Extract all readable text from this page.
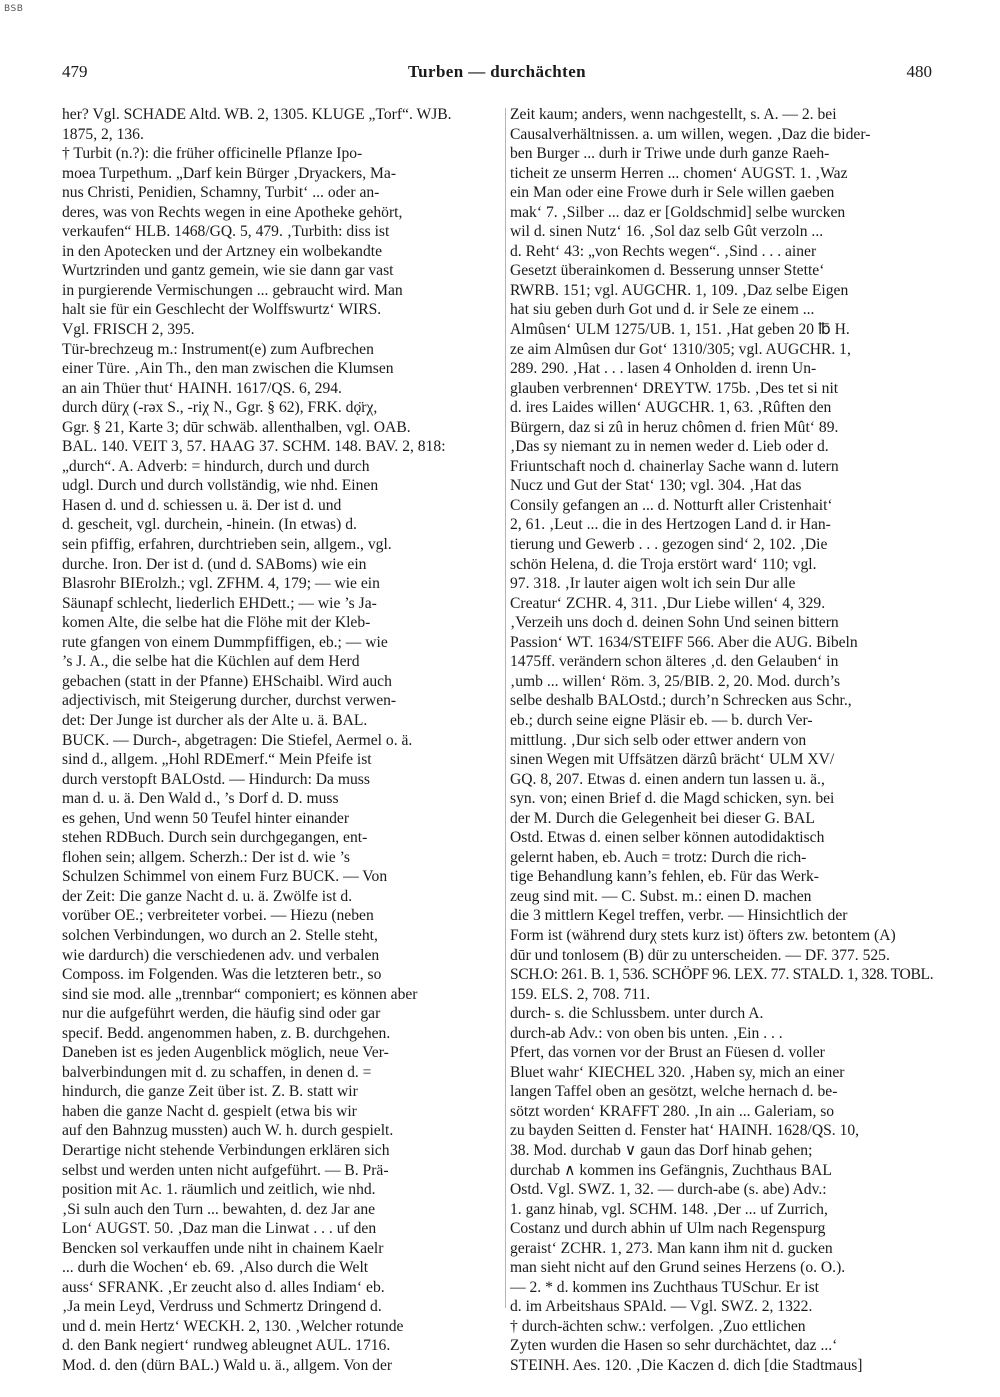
BSB
479	Turben — durchächten	480
her? Vgl. SCHADE Altd. WB. 2, 1305. KLUGE „Torf“. WJB.
1875, 2, 136.
† Turbit (n.?): die früher officinelle Pflanze Ipo-
moea Turpethum. „Darf kein Bürger ‚Dryackers, Ma-
nus Christi, Penidien, Schamny, Turbit‘ ... oder an-
deres, was von Rechts wegen in eine Apotheke gehört,
verkaufen“ HLB. 1468/GQ. 5, 479. ‚Turbith: diss ist
in den Apotecken und der Artzney ein wolbekandte
Wurtzrinden und gantz gemein, wie sie dann gar vast
in purgierende Vermischungen ... gebraucht wird. Man
halt sie für ein Geschlecht der Wolffswurtz‘ WIRS.
Vgl. FRISCH 2, 395.
Tür-brechzeug m.: Instrument(e) zum Aufbrechen
einer Türe. ‚Ain Th., den man zwischen die Klumsen
an ain Thüer thut‘ HAINH. 1617/QS. 6, 294.
durch dürχ (-rəx S., -riχ N., Ggr. § 62), FRK. dǫ̈rχ,
Ggr. § 21, Karte 3; dūr schwäb. allenthalben, vgl. OAB.
BAL. 140. VEIT 3, 57. HAAG 37. SCHM. 148. BAV. 2, 818:
„durch“. A. Adverb: = hindurch, durch und durch
udgl. Durch und durch vollständig, wie nhd. Einen
Hasen d. und d. schiessen u. ä. Der ist d. und
d. gescheit, vgl. durchein, -hinein. (In etwas) d.
sein pfiffig, erfahren, durchtrieben sein, allgem., vgl.
durche. Iron. Der ist d. (und d. SABoms) wie ein
Blasrohr BIErolzh.; vgl. ZFHM. 4, 179; — wie ein
Säunapf schlecht, liederlich EHDett.; — wie ’s Ja-
komen Alte, die selbe hat die Flöhe mit der Kleb-
rute gfangen von einem Dummpfiffigen, eb.; — wie
’s J. A., die selbe hat die Küchlen auf dem Herd
gebachen (statt in der Pfanne) EHSchaibl. Wird auch
adjectivisch, mit Steigerung durcher, durchst verwen-
det: Der Junge ist durcher als der Alte u. ä. BAL.
BUCK. — Durch-, abgetragen: Die Stiefel, Aermel o. ä.
sind d., allgem. „Hohl RDEmerf.“ Mein Pfeife ist
durch verstopft BALOstd. — Hindurch: Da muss
man d. u. ä. Den Wald d., ’s Dorf d. D. muss
es gehen, Und wenn 50 Teufel hinter einander
stehen RDBuch. Durch sein durchgegangen, ent-
flohen sein; allgem. Scherzh.: Der ist d. wie ’s
Schulzen Schimmel von einem Furz BUCK. — Von
der Zeit: Die ganze Nacht d. u. ä. Zwölfe ist d.
vorüber OE.; verbreiteter vorbei. — Hiezu (neben
solchen Verbindungen, wo durch an 2. Stelle steht,
wie dardurch) die verschiedenen adv. und verbalen
Composs. im Folgenden. Was die letzteren betr., so
sind sie mod. alle „trennbar“ componiert; es können aber
nur die aufgeführt werden, die häufig sind oder gar
specif. Bedd. angenommen haben, z. B. durchgehen.
Daneben ist es jeden Augenblick möglich, neue Ver-
balverbindungen mit d. zu schaffen, in denen d. =
hindurch, die ganze Zeit über ist. Z. B. statt wir
haben die ganze Nacht d. gespielt (etwa bis wir
auf den Bahnzug mussten) auch W. h. durch gespielt.
Derartige nicht stehende Verbindungen erklären sich
selbst und werden unten nicht aufgeführt. — B. Prä-
position mit Ac. 1. räumlich und zeitlich, wie nhd.
‚Si suln auch den Turn ... bewahten, d. dez Jar ane
Lon‘ AUGST. 50. ‚Daz man die Linwat . . . uf den
Bencken sol verkauffen unde niht in chainem Kaelr
... durh die Wochen‘ eb. 69. ‚Also durch die Welt
auss‘ SFRANK. ‚Er zeucht also d. alles Indiam‘ eb.
‚Ja mein Leyd, Verdruss und Schmertz Dringend d.
und d. mein Hertz‘ WECKH. 2, 130. ‚Welcher rotunde
d. den Bank negiert‘ rundweg ableugnet AUL. 1716.
Mod. d. den (dürn BAL.) Wald u. ä., allgem. Von der
Zeit kaum; anders, wenn nachgestellt, s. A. — 2. bei
Causalverhältnissen. a. um willen, wegen. ‚Daz die bider-
ben Burger ... durh ir Triwe unde durh ganze Raeh-
ticheit ze unserm Herren ... chomen‘ AUGST. 1. ‚Waz
ein Man oder eine Frowe durh ir Sele willen gaeben
mak‘ 7. ‚Silber ... daz er [Goldschmid] selbe wurcken
wil d. sinen Nutz‘ 16. ‚Sol daz selb Gût verzoln ...
d. Reht‘ 43: „von Rechts wegen“. ‚Sind . . . ainer
Gesetzt überainkomen d. Besserung unnser Stette‘
RWRB. 151; vgl. AUGCHR. 1, 109. ‚Daz selbe Eigen
hat siu geben durh Got und d. ir Sele ze einem ...
Almûsen‘ ULM 1275/UB. 1, 151. ‚Hat geben 20 ℔ H.
ze aim Almûsen dur Got‘ 1310/305; vgl. AUGCHR. 1,
289. 290. ‚Hat . . . lasen 4 Onholden d. irenn Un-
glauben verbrennen‘ DREYTW. 175b. ‚Des tet si nit
d. ires Laides willen‘ AUGCHR. 1, 63. ‚Rûften den
Bürgern, daz si zû in heruz chômen d. frien Mût‘ 89.
‚Das sy niemant zu in nemen weder d. Lieb oder d.
Friuntschaft noch d. chainerlay Sache wann d. lutern
Nucz und Gut der Stat‘ 130; vgl. 304. ‚Hat das
Consily gefangen an ... d. Notturft aller Cristenhait‘
2, 61. ‚Leut ... die in des Hertzogen Land d. ir Han-
tierung und Gewerb . . . gezogen sind‘ 2, 102. ‚Die
schön Helena, d. die Troja erstört ward‘ 110; vgl.
97. 318. ‚Ir lauter aigen wolt ich sein Dur alle
Creatur‘ ZCHR. 4, 311. ‚Dur Liebe willen‘ 4, 329.
‚Verzeih uns doch d. deinen Sohn Und seinen bittern
Passion‘ WT. 1634/STEIFF 566. Aber die AUG. Bibeln
1475ff. verändern schon älteres ‚d. den Gelauben‘ in
‚umb ... willen‘ Röm. 3, 25/BIB. 2, 20. Mod. durch’s
selbe deshalb BALOstd.; durch’n Schrecken aus Schr.,
eb.; durch seine eigne Pläsir eb. — b. durch Ver-
mittlung. ‚Dur sich selb oder ettwer andern von
sinen Wegen mit Uffsätzen därzû brächt‘ ULM XV/
GQ. 8, 207. Etwas d. einen andern tun lassen u. ä.,
syn. von; einen Brief d. die Magd schicken, syn. bei
der M. Durch die Gelegenheit bei dieser G. BAL
Ostd. Etwas d. einen selber können autodidaktisch
gelernt haben, eb. Auch = trotz: Durch die rich-
tige Behandlung kann’s fehlen, eb. Für das Werk-
zeug sind mit. — C. Subst. m.: einen D. machen
die 3 mittlern Kegel treffen, verbr. — Hinsichtlich der
Form ist (während durχ stets kurz ist) öfters zw. betontem (A)
dūr und tonlosem (B) dür zu unterscheiden. — DF. 377. 525.
SCH.O: 261. B. 1, 536. SCHÖPF 96. LEX. 77. STALD. 1, 328. TOBL.
159. ELS. 2, 708. 711.
durch- s. die Schlussbem. unter durch A.
durch-ab Adv.: von oben bis unten. ‚Ein . . .
Pfert, das vornen vor der Brust an Füesen d. voller
Bluet wahr‘ KIECHEL 320. ‚Haben sy, mich an einer
langen Taffel oben an gesötzt, welche hernach d. be-
sötzt worden‘ KRAFFT 280. ‚In ain ... Galeriam, so
zu bayden Seitten d. Fenster hat‘ HAINH. 1628/QS. 10,
38. Mod. durchab ∨ gaun das Dorf hinab gehen;
durchab ∧ kommen ins Gefängnis, Zuchthaus BAL
Ostd. Vgl. SWZ. 1, 32. — durch-abe (s. abe) Adv.:
1. ganz hinab, vgl. SCHM. 148. ‚Der ... uf Zurrich,
Costanz und durch abhin uf Ulm nach Regenspurg
geraist‘ ZCHR. 1, 273. Man kann ihm nit d. gucken
man sieht nicht auf den Grund seines Herzens (o. O.).
— 2. * d. kommen ins Zuchthaus TUSchur. Er ist
d. im Arbeitshaus SPAld. — Vgl. SWZ. 2, 1322.
† durch-ächten schw.: verfolgen. ‚Zuo ettlichen
Zyten wurden die Hasen so sehr durchächtet, daz ...‘
STEINH. Aes. 120. ‚Die Kaczen d. dich [die Stadtmaus]
